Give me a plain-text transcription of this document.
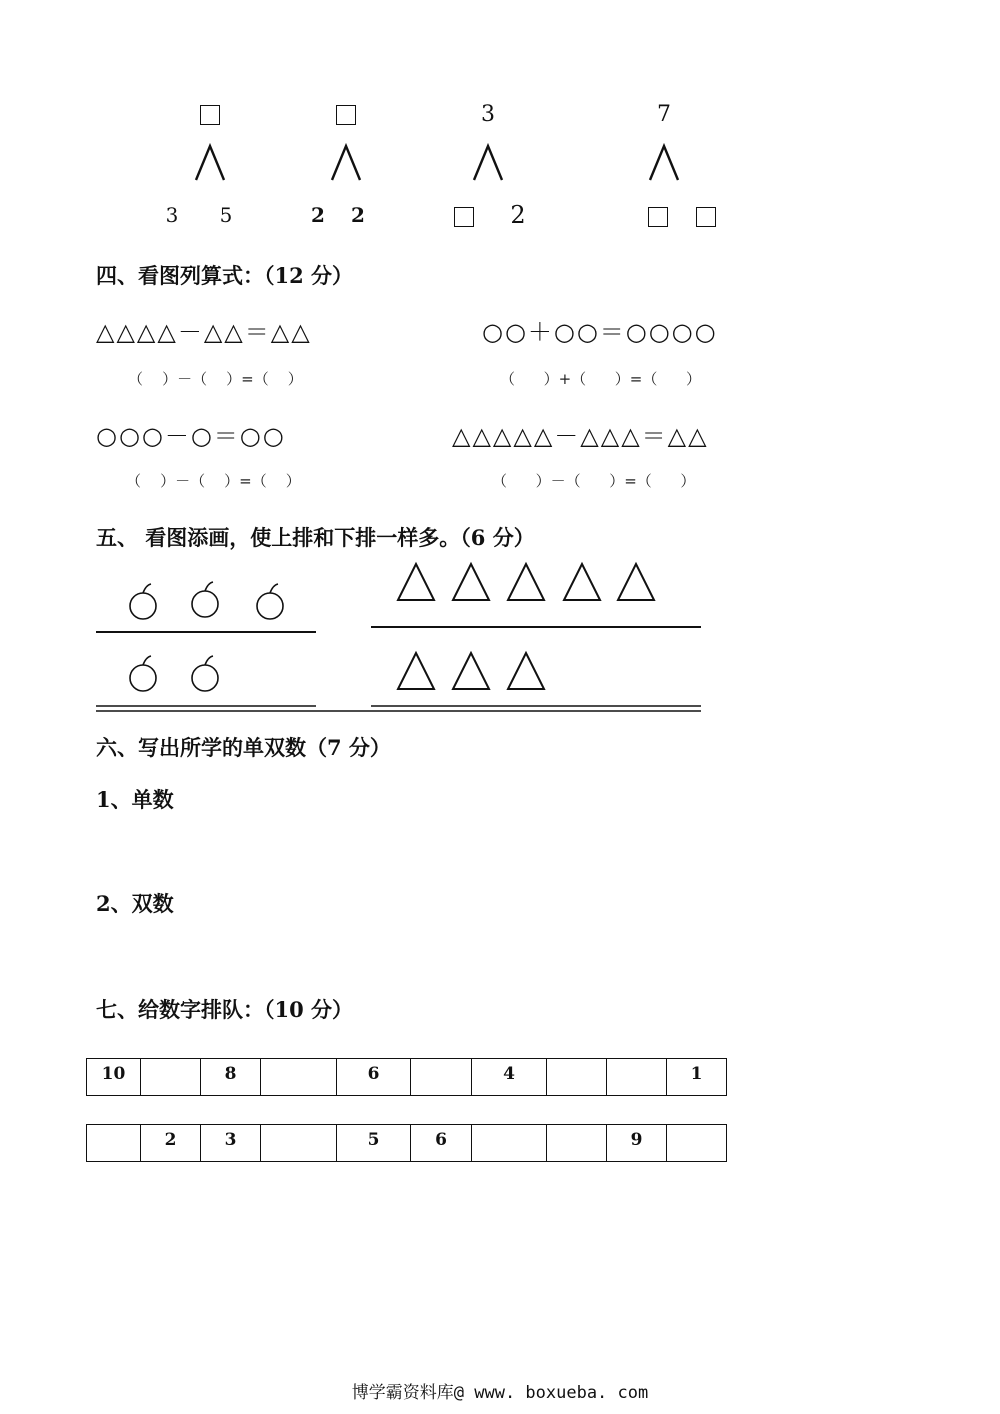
3	5	2	2
3
2
7
四、看图列算式：（12 分）
△△△△－△△＝△△
（    ）－（    ）=（    ）
○○＋○○＝○○○○
（      ）+（      ）=（      ）
○○○－○＝○○
（    ）－（    ）=（    ）
△△△△△－△△△＝△△
（      ）－（      ）=（      ）
五、 看图添画，使上排和下排一样多。（6 分）
六、写出所学的单双数（7 分）
1、单数
2、双数
七、给数字排队：（10 分）
10		8		6		4			1
	2	3		5	6			9	
博学霸资料库@ www. boxueba. com
